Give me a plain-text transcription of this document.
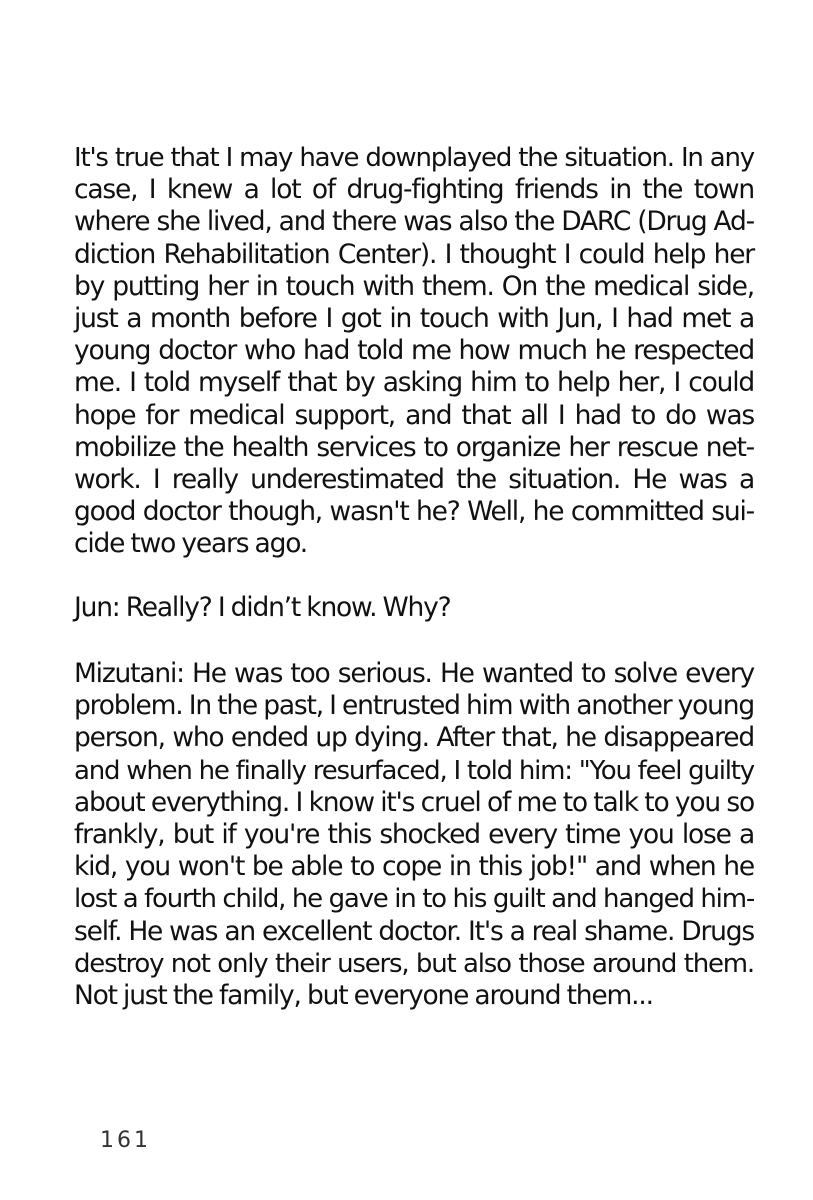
It's true that I may have downplayed the situation. In any
case, I knew a lot of drug-fighting friends in the town
where she lived, and there was also the DARC (Drug Ad-
diction Rehabilitation Center). I thought I could help her
by putting her in touch with them. On the medical side,
just a month before I got in touch with Jun, I had met a
young doctor who had told me how much he respected
me. I told myself that by asking him to help her, I could
hope for medical support, and that all I had to do was
mobilize the health services to organize her rescue net-
work. I really underestimated the situation. He was a
good doctor though, wasn't he? Well, he committed sui-
cide two years ago.
Jun: Really? I didn’t know. Why?
Mizutani: He was too serious. He wanted to solve every
problem. In the past, I entrusted him with another young
person, who ended up dying. After that, he disappeared
and when he finally resurfaced, I told him: "You feel guilty
about everything. I know it's cruel of me to talk to you so
frankly, but if you're this shocked every time you lose a
kid, you won't be able to cope in this job!" and when he
lost a fourth child, he gave in to his guilt and hanged him-
self. He was an excellent doctor. It's a real shame. Drugs
destroy not only their users, but also those around them.
Not just the family, but everyone around them...
161
